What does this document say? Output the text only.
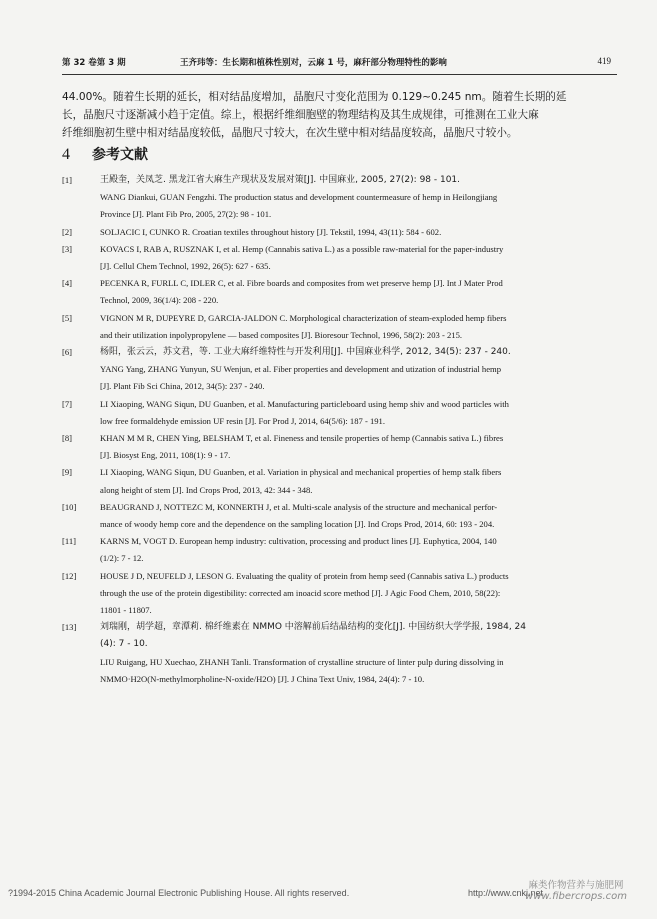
第 32 卷第 3 期	王齐玮等：生长期和植株性别对，云麻 1 号，麻秆部分物理特性的影响	419
44.00%。随着生长期的延长，相对结晶度增加，晶胞尺寸变化范围为 0.129~0.245 nm。随着生长期的延
长，晶胞尺寸逐渐减小趋于定值。综上，根据纤维细胞壁的物理结构及其生成规律，可推测在工业大麻
纤维细胞初生壁中相对结晶度较低，晶胞尺寸较大，在次生壁中相对结晶度较高，晶胞尺寸较小。
4 参考文献
[1]	王殿奎，关凤芝. 黑龙江省大麻生产现状及发展对策[J]. 中国麻业, 2005, 27(2): 98 - 101.
WANG Diankui, GUAN Fengzhi. The production status and development countermeasure of hemp in Heilongjiang
Province [J]. Plant Fib Pro, 2005, 27(2): 98 - 101.
[2]	SOLJACIC I, CUNKO R. Croatian textiles throughout history [J]. Tekstil, 1994, 43(11): 584 - 602.
[3]	KOVACS I, RAB A, RUSZNAK I, et al. Hemp (Cannabis sativa L.) as a possible raw-material for the paper-industry
[J]. Cellul Chem Technol, 1992, 26(5): 627 - 635.
[4]	PECENKA R, FURLL C, IDLER C, et al. Fibre boards and composites from wet preserve hemp [J]. Int J Mater Prod
Technol, 2009, 36(1/4): 208 - 220.
[5]	VIGNON M R, DUPEYRE D, GARCIA-JALDON C. Morphological characterization of steam-exploded hemp fibers
and their utilization inpolypropylene — based composites [J]. Bioresour Technol, 1996, 58(2): 203 - 215.
[6]	杨阳，张云云，苏文君，等. 工业大麻纤维特性与开发利用[J]. 中国麻业科学, 2012, 34(5): 237 - 240.
YANG Yang, ZHANG Yunyun, SU Wenjun, et al. Fiber properties and development and utization of industrial hemp
[J]. Plant Fib Sci China, 2012, 34(5): 237 - 240.
[7]	LI Xiaoping, WANG Siqun, DU Guanben, et al. Manufacturing particleboard using hemp shiv and wood particles with
low free formaldehyde emission UF resin [J]. For Prod J, 2014, 64(5/6): 187 - 191.
[8]	KHAN M M R, CHEN Ying, BELSHAM T, et al. Fineness and tensile properties of hemp (Cannabis sativa L.) fibres
[J]. Biosyst Eng, 2011, 108(1): 9 - 17.
[9]	LI Xiaoping, WANG Siqun, DU Guanben, et al. Variation in physical and mechanical properties of hemp stalk fibers
along height of stem [J]. Ind Crops Prod, 2013, 42: 344 - 348.
[10]	BEAUGRAND J, NOTTEZC M, KONNERTH J, et al. Multi-scale analysis of the structure and mechanical perfor-
mance of woody hemp core and the dependence on the sampling location [J]. Ind Crops Prod, 2014, 60: 193 - 204.
[11]	KARNS M, VOGT D. European hemp industry: cultivation, processing and product lines [J]. Euphytica, 2004, 140
(1/2): 7 - 12.
[12]	HOUSE J D, NEUFELD J, LESON G. Evaluating the quality of protein from hemp seed (Cannabis sativa L.) products
through the use of the protein digestibility: corrected am inoacid score method [J]. J Agic Food Chem, 2010, 58(22):
11801 - 11807.
[13]	刘瑞刚，胡学超，章潭莉. 棉纤维素在 NMMO 中溶解前后结晶结构的变化[J]. 中国纺织大学学报, 1984, 24
(4): 7 - 10.
LIU Ruigang, HU Xuechao, ZHANH Tanli. Transformation of crystalline structure of linter pulp during dissolving in
NMMO·H2O(N-methylmorpholine-N-oxide/H2O) [J]. J China Text Univ, 1984, 24(4): 7 - 10.
?1994-2015 China Academic Journal Electronic Publishing House. All rights reserved.	http://www.cnki.net
麻类作物营养与施肥网
www.fibercrops.com
